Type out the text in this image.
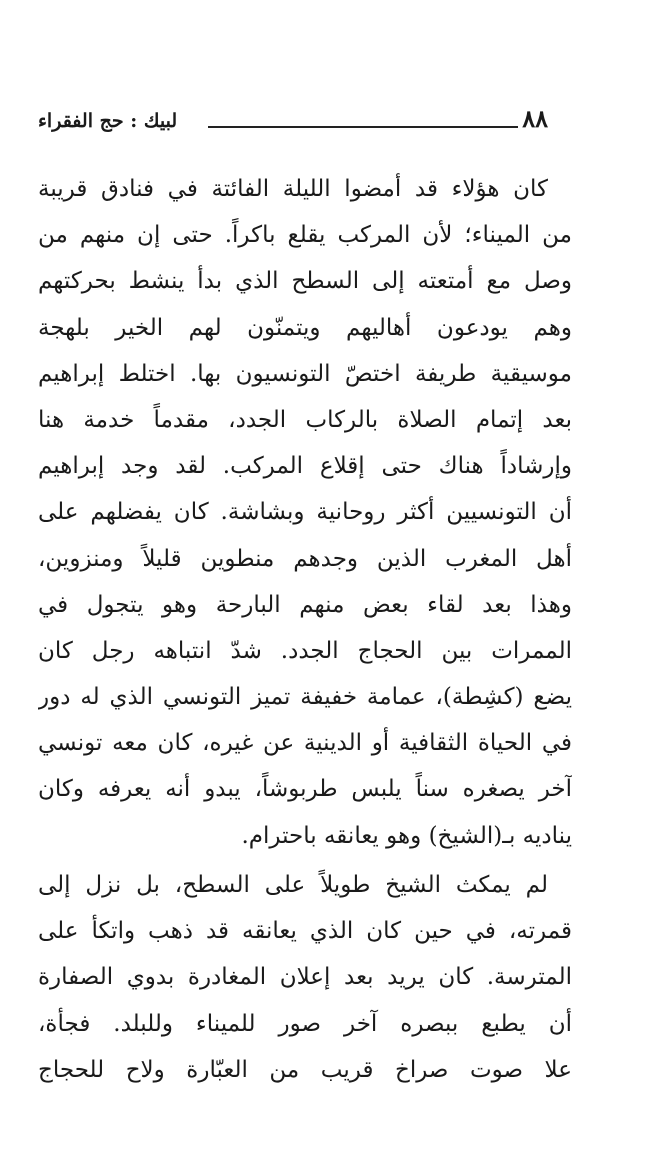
لبيك : حج الفقراء	٨٨
كان هؤلاء قد أمضوا الليلة الفائتة في فنادق قريبة
من الميناء؛ لأن المركب يقلع باكراً. حتى إن منهم من
وصل مع أمتعته إلى السطح الذي بدأ ينشط بحركتهم
وهم يودعون أهاليهم ويتمنّون لهم الخير بلهجة
موسيقية طريفة اختصّ التونسيون بها. اختلط إبراهيم
بعد إتمام الصلاة بالركاب الجدد، مقدماً خدمة هنا
وإرشاداً هناك حتى إقلاع المركب. لقد وجد إبراهيم
أن التونسيين أكثر روحانية وبشاشة. كان يفضلهم على
أهل المغرب الذين وجدهم منطوين قليلاً ومنزوين،
وهذا بعد لقاء بعض منهم البارحة وهو يتجول في
الممرات بين الحجاج الجدد. شدّ انتباهه رجل كان
يضع (كشِطة)، عمامة خفيفة تميز التونسي الذي له دور
في الحياة الثقافية أو الدينية عن غيره، كان معه تونسي
آخر يصغره سناً يلبس طربوشاً، يبدو أنه يعرفه وكان
يناديه بـ(الشيخ) وهو يعانقه باحترام.
لم يمكث الشيخ طويلاً على السطح، بل نزل إلى
قمرته، في حين كان الذي يعانقه قد ذهب واتكأ على
المترسة. كان يريد بعد إعلان المغادرة بدوي الصفارة
أن يطبع ببصره آخر صور للميناء وللبلد. فجأة،
علا صوت صراخ قريب من العبّارة ولاح للحجاج
